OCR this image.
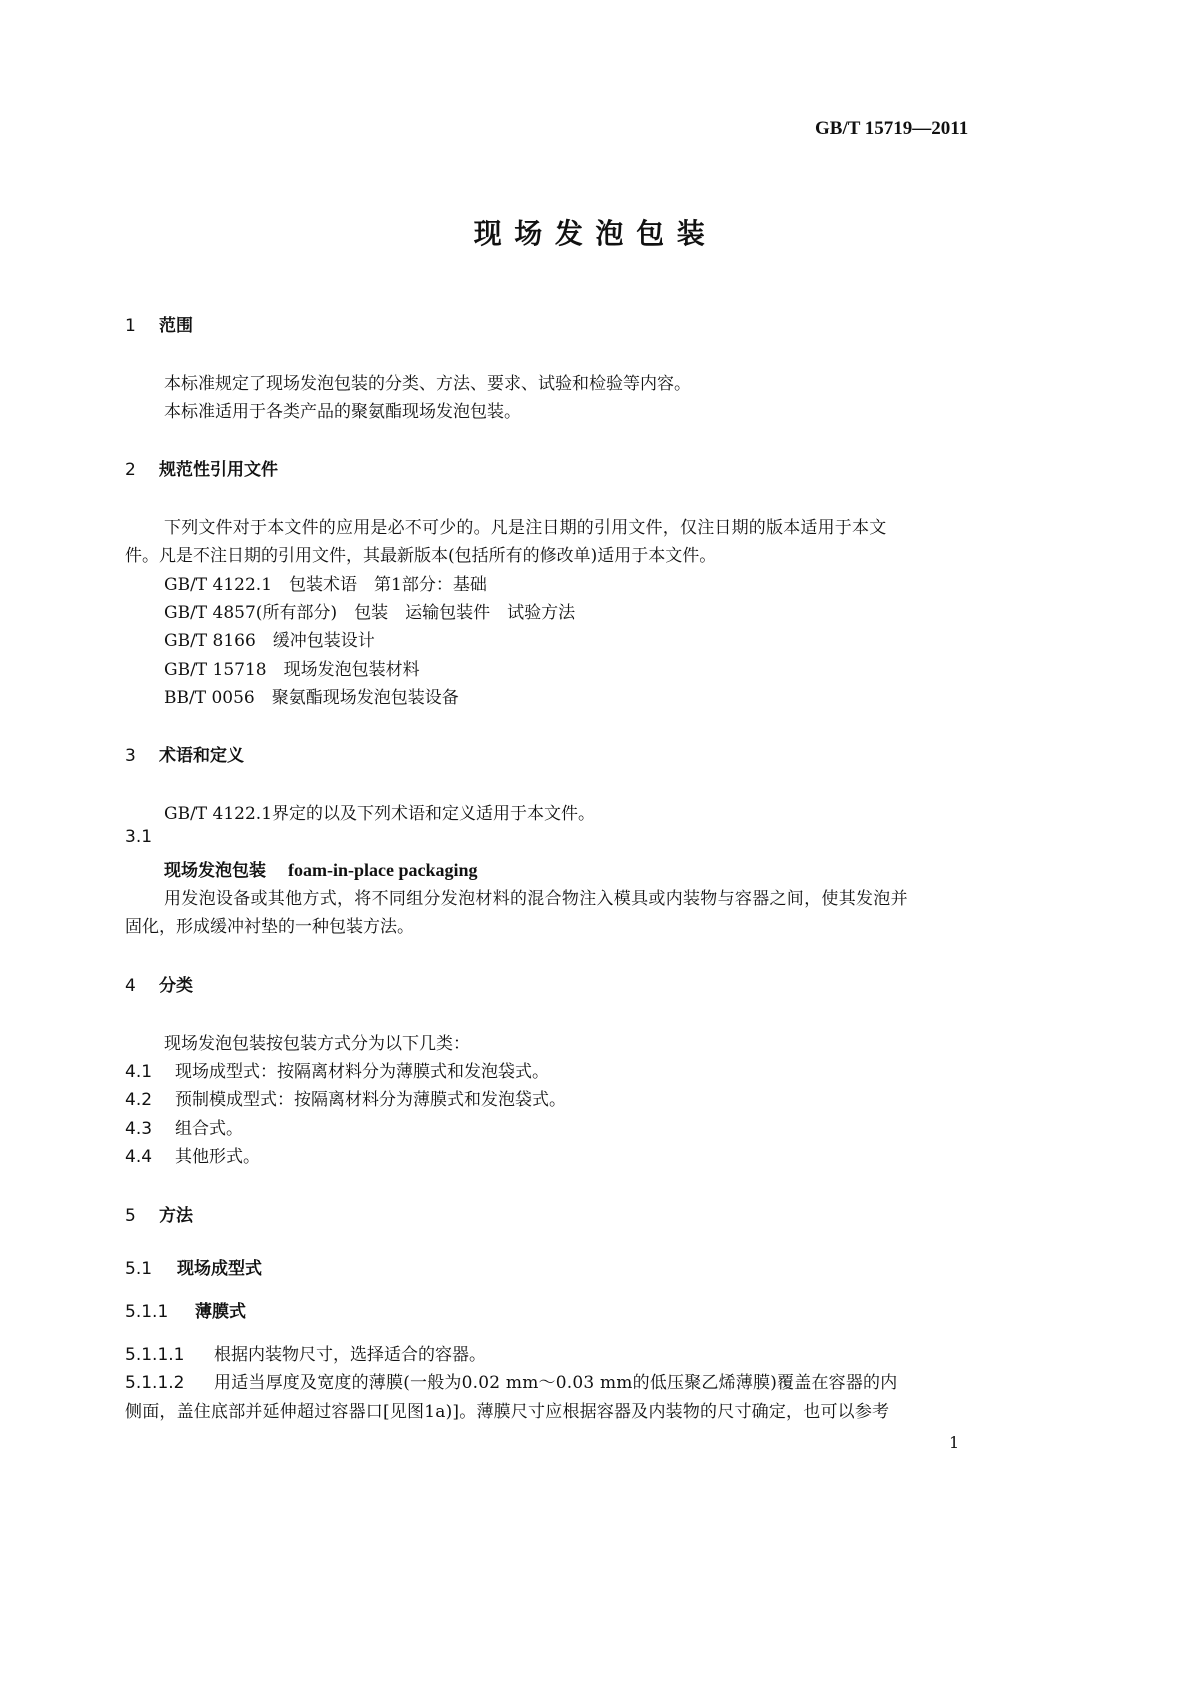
GB/T 15719—2011
现场发泡包装
1 范围
本标准规定了现场发泡包装的分类、方法、要求、试验和检验等内容。
本标准适用于各类产品的聚氨酯现场发泡包装。
2 规范性引用文件
下列文件对于本文件的应用是必不可少的。凡是注日期的引用文件，仅注日期的版本适用于本文
件。凡是不注日期的引用文件，其最新版本(包括所有的修改单)适用于本文件。
GB/T 4122.1　包装术语　第1部分：基础
GB/T 4857(所有部分)　包装　运输包装件　试验方法
GB/T 8166　缓冲包装设计
GB/T 15718　现场发泡包装材料
BB/T 0056　聚氨酯现场发泡包装设备
3 术语和定义
GB/T 4122.1界定的以及下列术语和定义适用于本文件。
3.1
现场发泡包装 foam-in-place packaging
用发泡设备或其他方式，将不同组分发泡材料的混合物注入模具或内装物与容器之间，使其发泡并
固化，形成缓冲衬垫的一种包装方法。
4 分类
现场发泡包装按包装方式分为以下几类：
4.1 现场成型式：按隔离材料分为薄膜式和发泡袋式。
4.2 预制模成型式：按隔离材料分为薄膜式和发泡袋式。
4.3 组合式。
4.4 其他形式。
5 方法
5.1 现场成型式
5.1.1 薄膜式
5.1.1.1 根据内装物尺寸，选择适合的容器。
5.1.1.2 用适当厚度及宽度的薄膜(一般为0.02 mm～0.03 mm的低压聚乙烯薄膜)覆盖在容器的内
侧面，盖住底部并延伸超过容器口[见图1a)]。薄膜尺寸应根据容器及内装物的尺寸确定，也可以参考
1
